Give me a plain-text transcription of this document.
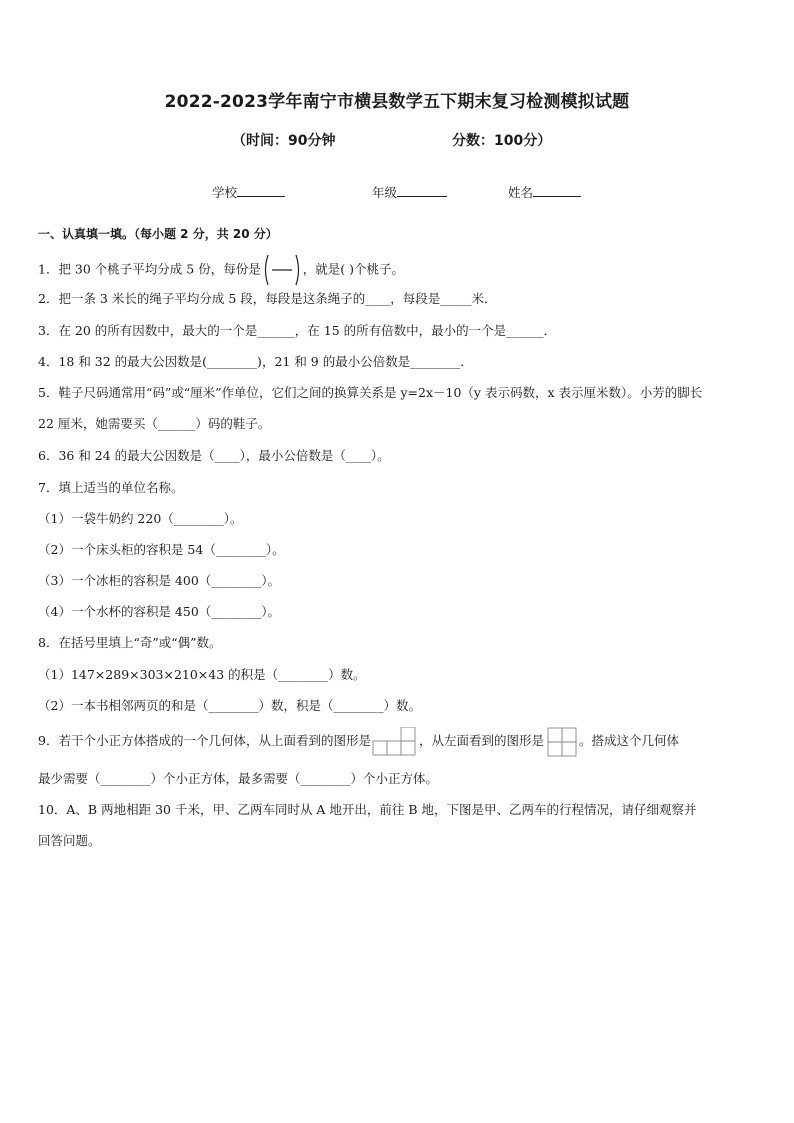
2022-2023学年南宁市横县数学五下期末复习检测模拟试题
（时间：90分钟	分数：100分）
学校	年级	姓名
一、认真填一填。（每小题 2 分，共 20 分）
1．把 30 个桃子平均分成 5 份，每份是	，就是( )个桃子。
2．把一条 3 米长的绳子平均分成 5 段，每段是这条绳子的____，每段是_____米．
3．在 20 的所有因数中，最大的一个是______，在 15 的所有倍数中，最小的一个是______．
4．18 和 32 的最大公因数是(________)，21 和 9 的最小公倍数是________．
5．鞋子尺码通常用“码”或“厘米”作单位，它们之间的换算关系是 y=2x－10（y 表示码数，x 表示厘米数）。小芳的脚长
22 厘米，她需要买（______）码的鞋子。
6．36 和 24 的最大公因数是（____），最小公倍数是（____）。
7．填上适当的单位名称。
（1）一袋牛奶约 220（________）。
（2）一个床头柜的容积是 54（________）。
（3）一个冰柜的容积是 400（________）。
（4）一个水杯的容积是 450（________）。
8．在括号里填上“奇”或“偶”数。
（1）147×289×303×210×43 的积是（________）数。
（2）一本书相邻两页的和是（________）数，积是（________）数。
9．若干个小正方体搭成的一个几何体，从上面看到的图形是	，从左面看到的图形是	。搭成这个几何体
最少需要（________）个小正方体，最多需要（________）个小正方体。
10．A、B 两地相距 30 千米，甲、乙两车同时从 A 地开出，前往 B 地，下图是甲、乙两车的行程情况，请仔细观察并
回答问题。
